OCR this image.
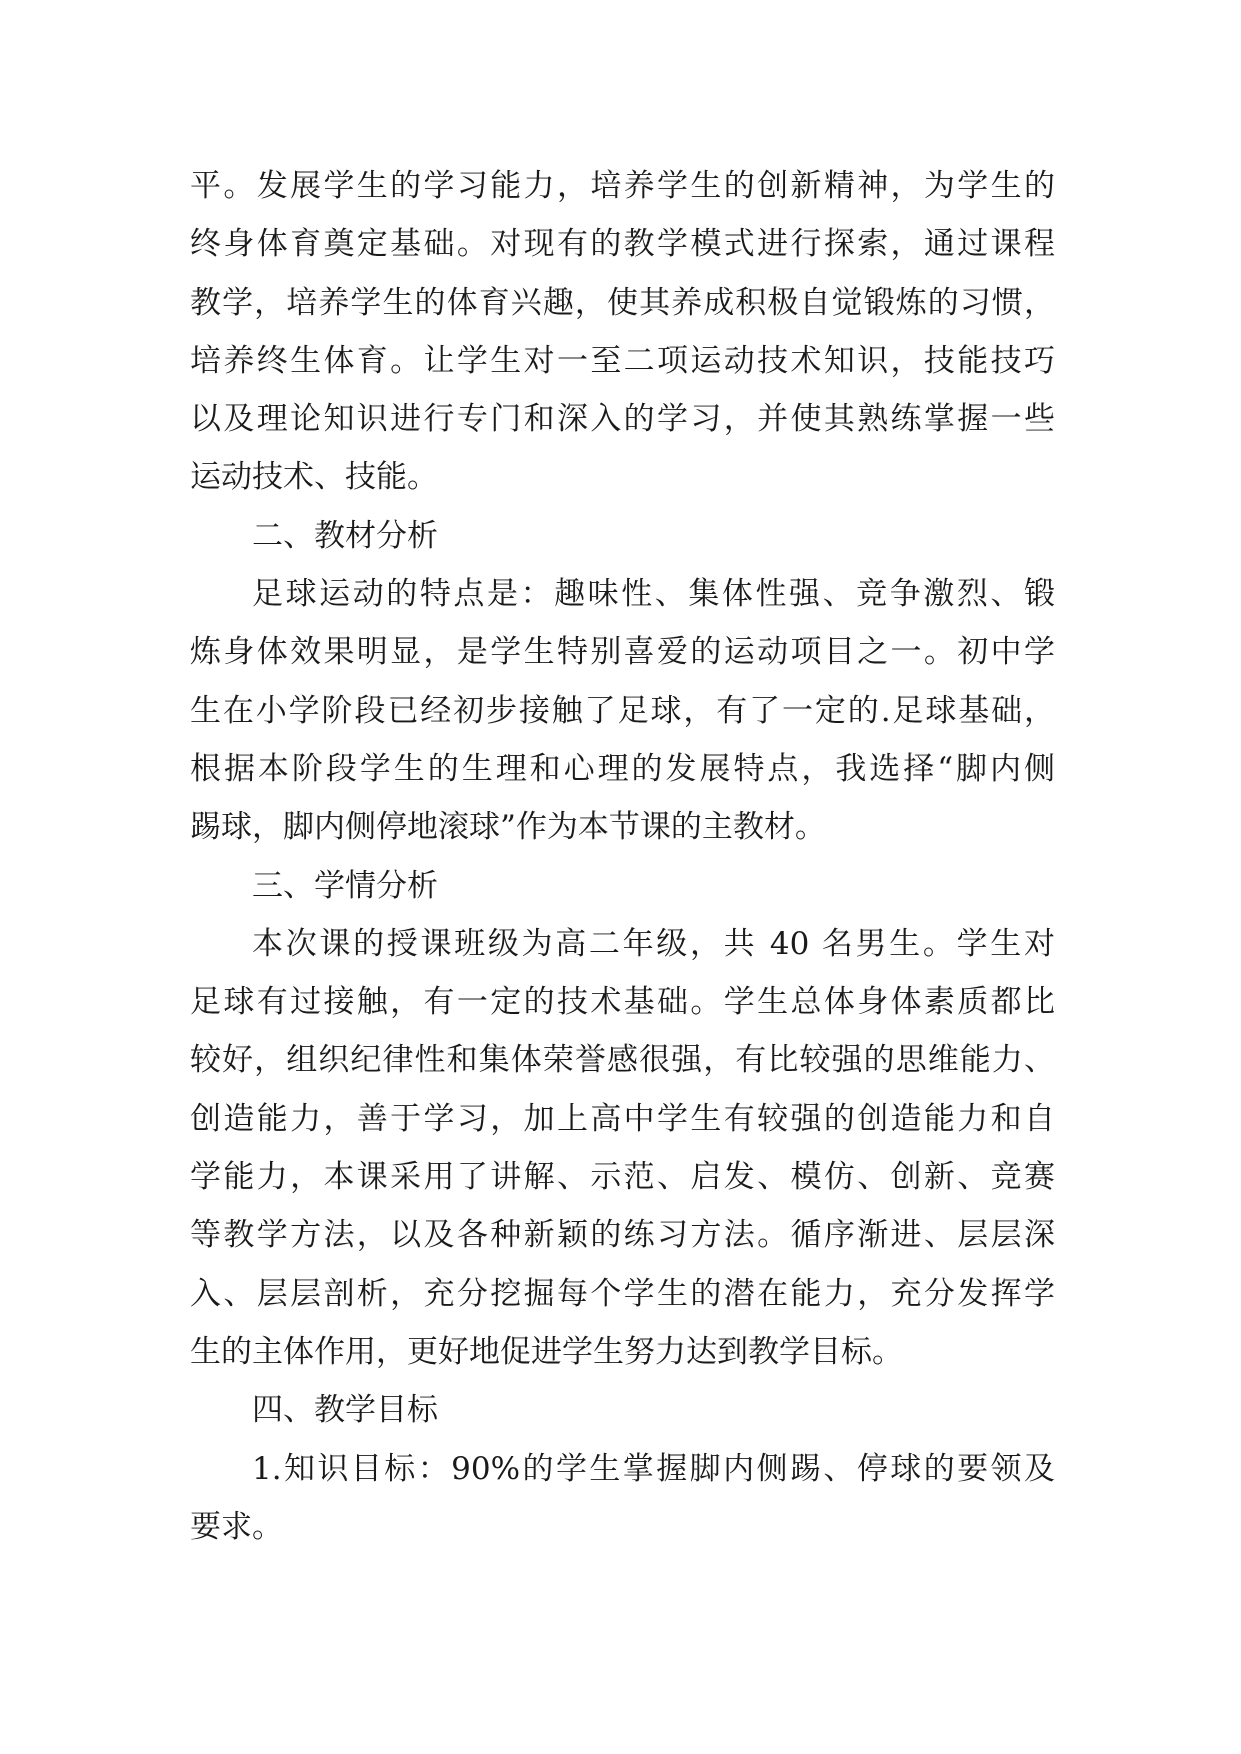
平。发展学生的学习能力，培养学生的创新精神，为学生的
终身体育奠定基础。对现有的教学模式进行探索，通过课程
教学，培养学生的体育兴趣，使其养成积极自觉锻炼的习惯，
培养终生体育。让学生对一至二项运动技术知识，技能技巧
以及理论知识进行专门和深入的学习，并使其熟练掌握一些
运动技术、技能。
二、教材分析
足球运动的特点是：趣味性、集体性强、竞争激烈、锻
炼身体效果明显，是学生特别喜爱的运动项目之一。初中学
生在小学阶段已经初步接触了足球，有了一定的.足球基础，
根据本阶段学生的生理和心理的发展特点，我选择“脚内侧
踢球，脚内侧停地滚球”作为本节课的主教材。
三、学情分析
本次课的授课班级为高二年级，共 40 名男生。学生对
足球有过接触，有一定的技术基础。学生总体身体素质都比
较好，组织纪律性和集体荣誉感很强，有比较强的思维能力、
创造能力，善于学习，加上高中学生有较强的创造能力和自
学能力，本课采用了讲解、示范、启发、模仿、创新、竞赛
等教学方法，以及各种新颖的练习方法。循序渐进、层层深
入、层层剖析，充分挖掘每个学生的潜在能力，充分发挥学
生的主体作用，更好地促进学生努力达到教学目标。
四、教学目标
1.知识目标：90%的学生掌握脚内侧踢、停球的要领及
要求。
